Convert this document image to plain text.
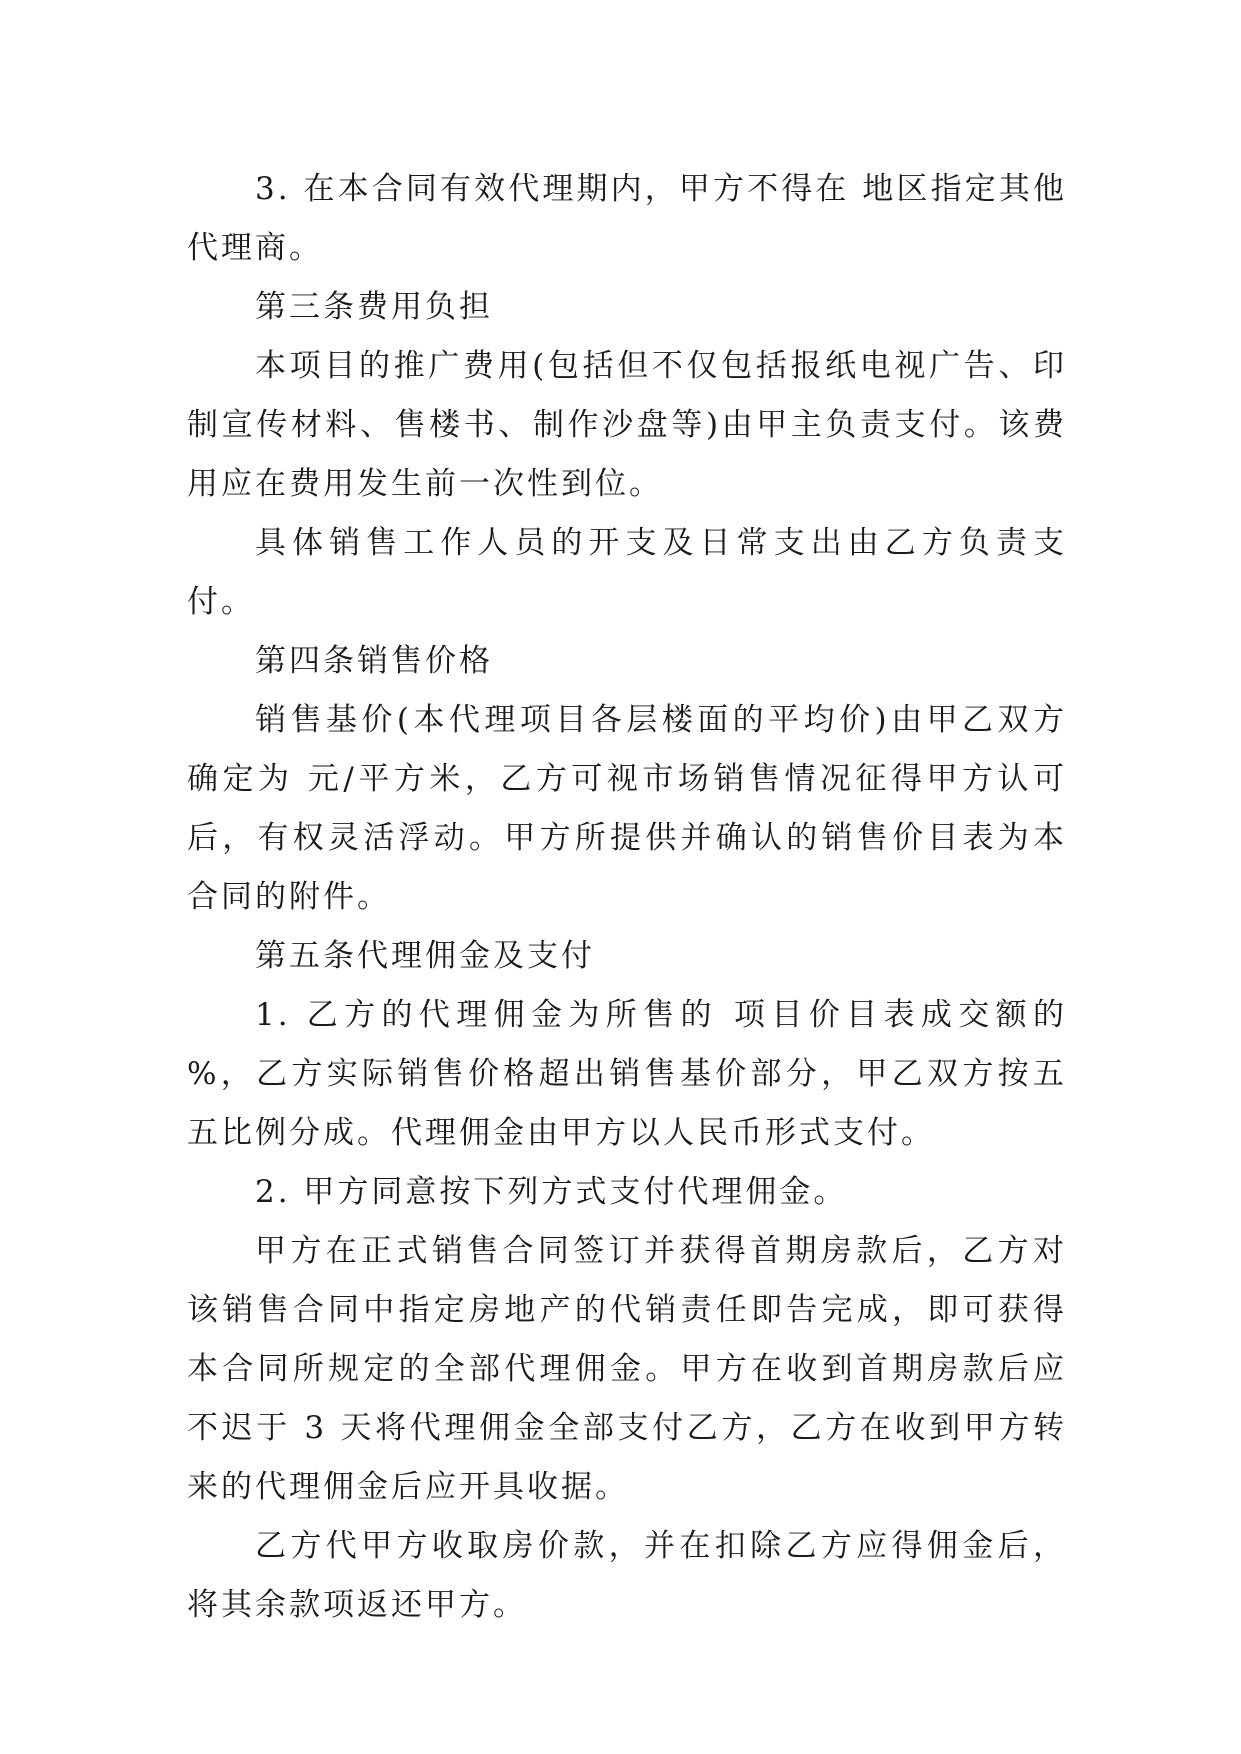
3. 在本合同有效代理期内，甲方不得在 地区指定其他代理商。

第三条费用负担

本项目的推广费用(包括但不仅包括报纸电视广告、印制宣传材料、售楼书、制作沙盘等)由甲主负责支付。该费用应在费用发生前一次性到位。

具体销售工作人员的开支及日常支出由乙方负责支付。

第四条销售价格

销售基价(本代理项目各层楼面的平均价)由甲乙双方确定为 元/平方米，乙方可视市场销售情况征得甲方认可后，有权灵活浮动。甲方所提供并确认的销售价目表为本合同的附件。

第五条代理佣金及支付

1. 乙方的代理佣金为所售的 项目价目表成交额的 %，乙方实际销售价格超出销售基价部分，甲乙双方按五五比例分成。代理佣金由甲方以人民币形式支付。

2. 甲方同意按下列方式支付代理佣金。

甲方在正式销售合同签订并获得首期房款后，乙方对该销售合同中指定房地产的代销责任即告完成，即可获得本合同所规定的全部代理佣金。甲方在收到首期房款后应不迟于 3 天将代理佣金全部支付乙方，乙方在收到甲方转来的代理佣金后应开具收据。

乙方代甲方收取房价款，并在扣除乙方应得佣金后，将其余款项返还甲方。
